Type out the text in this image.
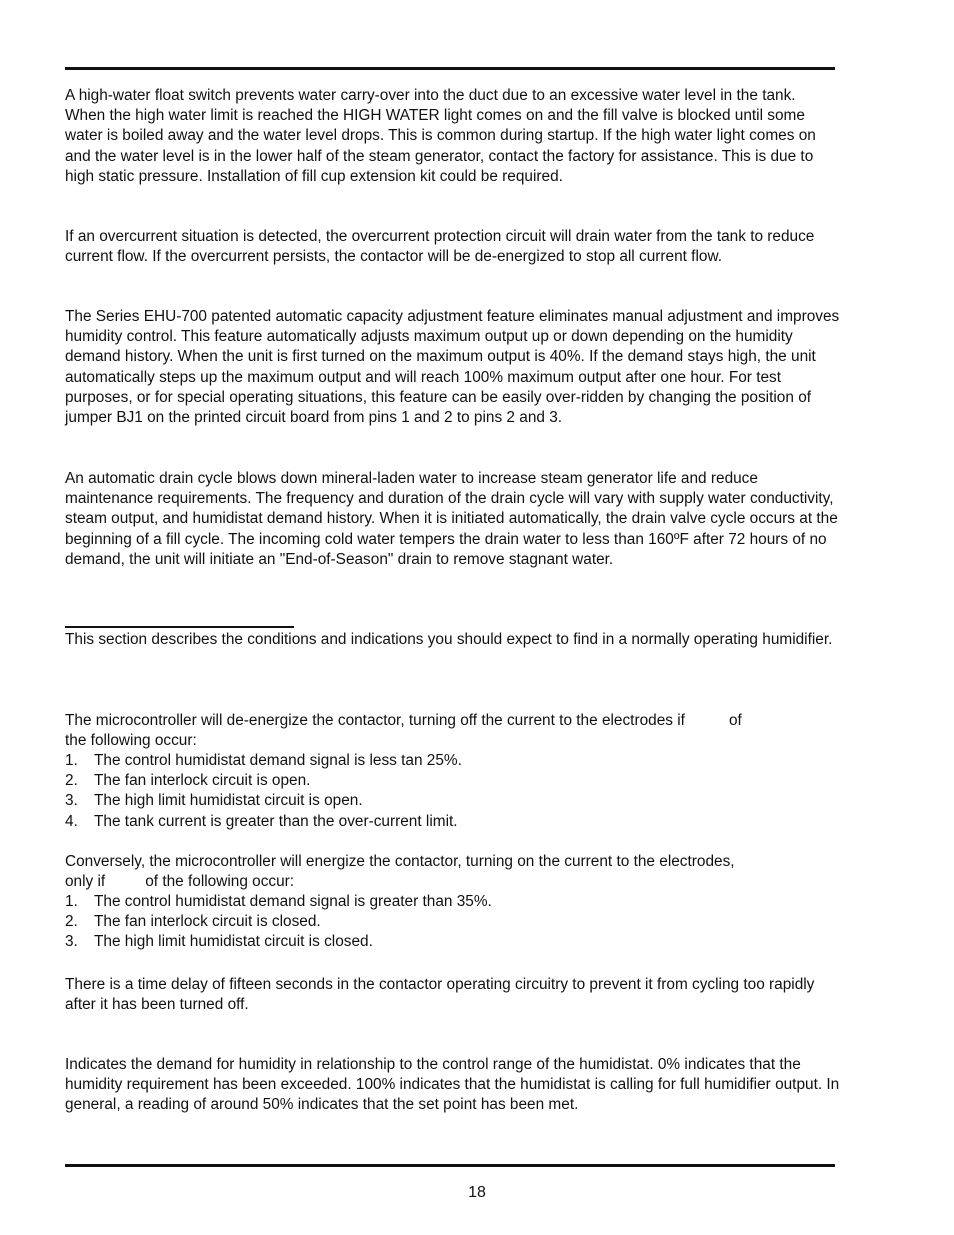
A high-water float switch prevents water carry-over into the duct due to an excessive water level in the tank. When the high water limit is reached the HIGH WATER light comes on and the fill valve is blocked until some water is boiled away and the water level drops. This is common during startup. If the high water light comes on and the water level is in the lower half of the steam generator, contact the factory for assistance. This is due to high static pressure. Installation of fill cup extension kit could be required.

If an overcurrent situation is detected, the overcurrent protection circuit will drain water from the tank to reduce current flow. If the overcurrent persists, the contactor will be de-energized to stop all current flow.

The Series EHU-700 patented automatic capacity adjustment feature eliminates manual adjustment and improves humidity control. This feature automatically adjusts maximum output up or down depending on the humidity demand history. When the unit is first turned on the maximum output is 40%. If the demand stays high, the unit automatically steps up the maximum output and will reach 100% maximum output after one hour. For test purposes, or for special operating situations, this feature can be easily over-ridden by changing the position of jumper BJ1 on the printed circuit board from pins 1 and 2 to pins 2 and 3.

An automatic drain cycle blows down mineral-laden water to increase steam generator life and reduce maintenance requirements. The frequency and duration of the drain cycle will vary with supply water conductivity, steam output, and humidistat demand history. When it is initiated automatically, the drain valve cycle occurs at the beginning of a fill cycle. The incoming cold water tempers the drain water to less than 160ºF after 72 hours of no demand, the unit will initiate an "End-of-Season" drain to remove stagnant water.

This section describes the conditions and indications you should expect to find in a normally operating humidifier.

The microcontroller will de-energize the contactor, turning off the current to the electrodes if	of
the following occur:

1. The control humidistat demand signal is less tan 25%.
2. The fan interlock circuit is open.
3. The high limit humidistat circuit is open.
4. The tank current is greater than the over-current limit.

Conversely, the microcontroller will energize the contactor, turning on the current to the electrodes,
only if	of the following occur:

1. The control humidistat demand signal is greater than 35%.
2. The fan interlock circuit is closed.
3. The high limit humidistat circuit is closed.

There is a time delay of fifteen seconds in the contactor operating circuitry to prevent it from cycling too rapidly after it has been turned off.

Indicates the demand for humidity in relationship to the control range of the humidistat. 0% indicates that the humidity requirement has been exceeded. 100% indicates that the humidistat is calling for full humidifier output. In general, a reading of around 50% indicates that the set point has been met.

18
